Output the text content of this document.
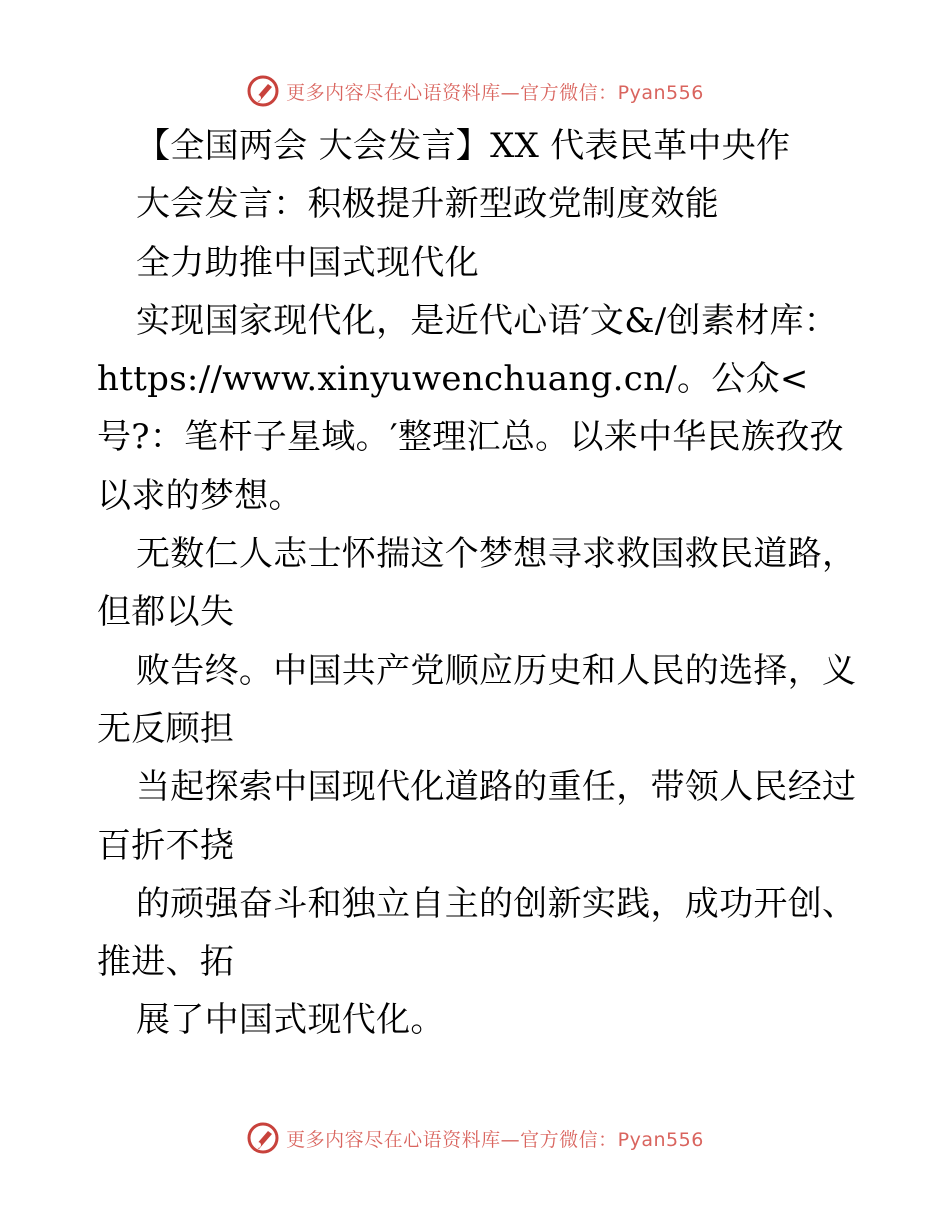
更多内容尽在心语资料库—官方微信：Pyan556

【全国两会 大会发言】XX 代表民革中央作

大会发言：积极提升新型政党制度效能

全力助推中国式现代化

实现国家现代化，是近代心语′文&/创素材库：https://www.xinyuwenchuang.cn/。公众<号?：笔杆子星域。′整理汇总。以来中华民族孜孜以求的梦想。

无数仁人志士怀揣这个梦想寻求救国救民道路，但都以失

败告终。中国共产党顺应历史和人民的选择，义无反顾担

当起探索中国现代化道路的重任，带领人民经过百折不挠

的顽强奋斗和独立自主的创新实践，成功开创、推进、拓

展了中国式现代化。

更多内容尽在心语资料库—官方微信：Pyan556
